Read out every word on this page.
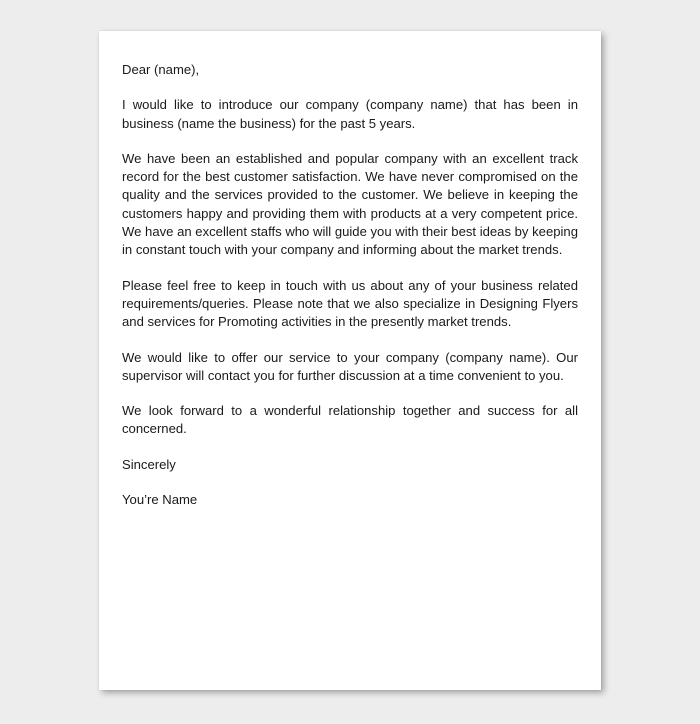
Dear (name),

I would like to introduce our company (company name) that has been in business (name the business) for the past 5 years.

We have been an established and popular company with an excellent track record for the best customer satisfaction. We have never compromised on the quality and the services provided to the customer. We believe in keeping the customers happy and providing them with products at a very competent price. We have an excellent staffs who will guide you with their best ideas by keeping in constant touch with your company and informing about the market trends.

Please feel free to keep in touch with us about any of your business related requirements/queries. Please note that we also specialize in Designing Flyers and services for Promoting activities in the presently market trends.

We would like to offer our service to your company (company name). Our supervisor will contact you for further discussion at a time convenient to you.

We look forward to a wonderful relationship together and success for all concerned.

Sincerely

You’re Name
